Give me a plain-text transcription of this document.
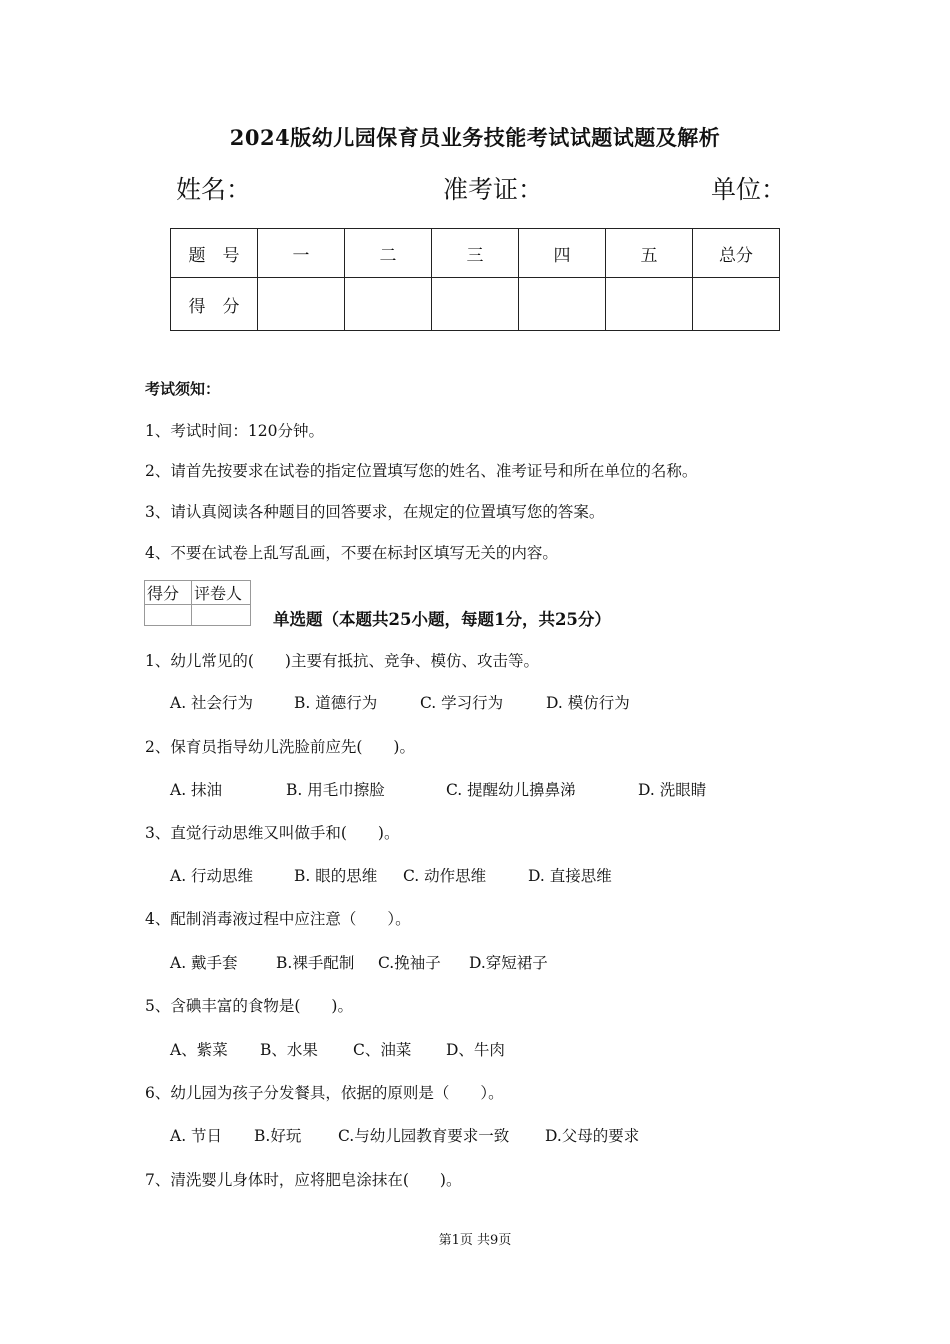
2024版幼儿园保育员业务技能考试试题试题及解析
姓名：	准考证：	单位：
题　号	一	二	三	四	五	总分
得　分						
考试须知：
1、考试时间：120分钟。
2、请首先按要求在试卷的指定位置填写您的姓名、准考证号和所在单位的名称。
3、请认真阅读各种题目的回答要求，在规定的位置填写您的答案。
4、不要在试卷上乱写乱画，不要在标封区填写无关的内容。
得分	评卷人

单选题（本题共25小题，每题1分，共25分）
1、幼儿常见的(　　)主要有抵抗、竞争、模仿、攻击等。
A. 社会行为	B. 道德行为	C. 学习行为	D. 模仿行为
2、保育员指导幼儿洗脸前应先(　　)。
A. 抹油	B. 用毛巾擦脸	C. 提醒幼儿擤鼻涕	D. 洗眼睛
3、直觉行动思维又叫做手和(　　)。
A. 行动思维	B. 眼的思维 C. 动作思维	D. 直接思维
4、配制消毒液过程中应注意（　　）。
A. 戴手套 B.裸手配制 C.挽袖子 D.穿短裙子
5、含碘丰富的食物是(　　)。
A、紫菜 B、水果 C、油菜 D、牛肉
6、幼儿园为孩子分发餐具，依据的原则是（　　）。
A. 节日 B.好玩 C.与幼儿园教育要求一致 D.父母的要求
7、清洗婴儿身体时，应将肥皂涂抹在(　　)。
第1页 共9页
